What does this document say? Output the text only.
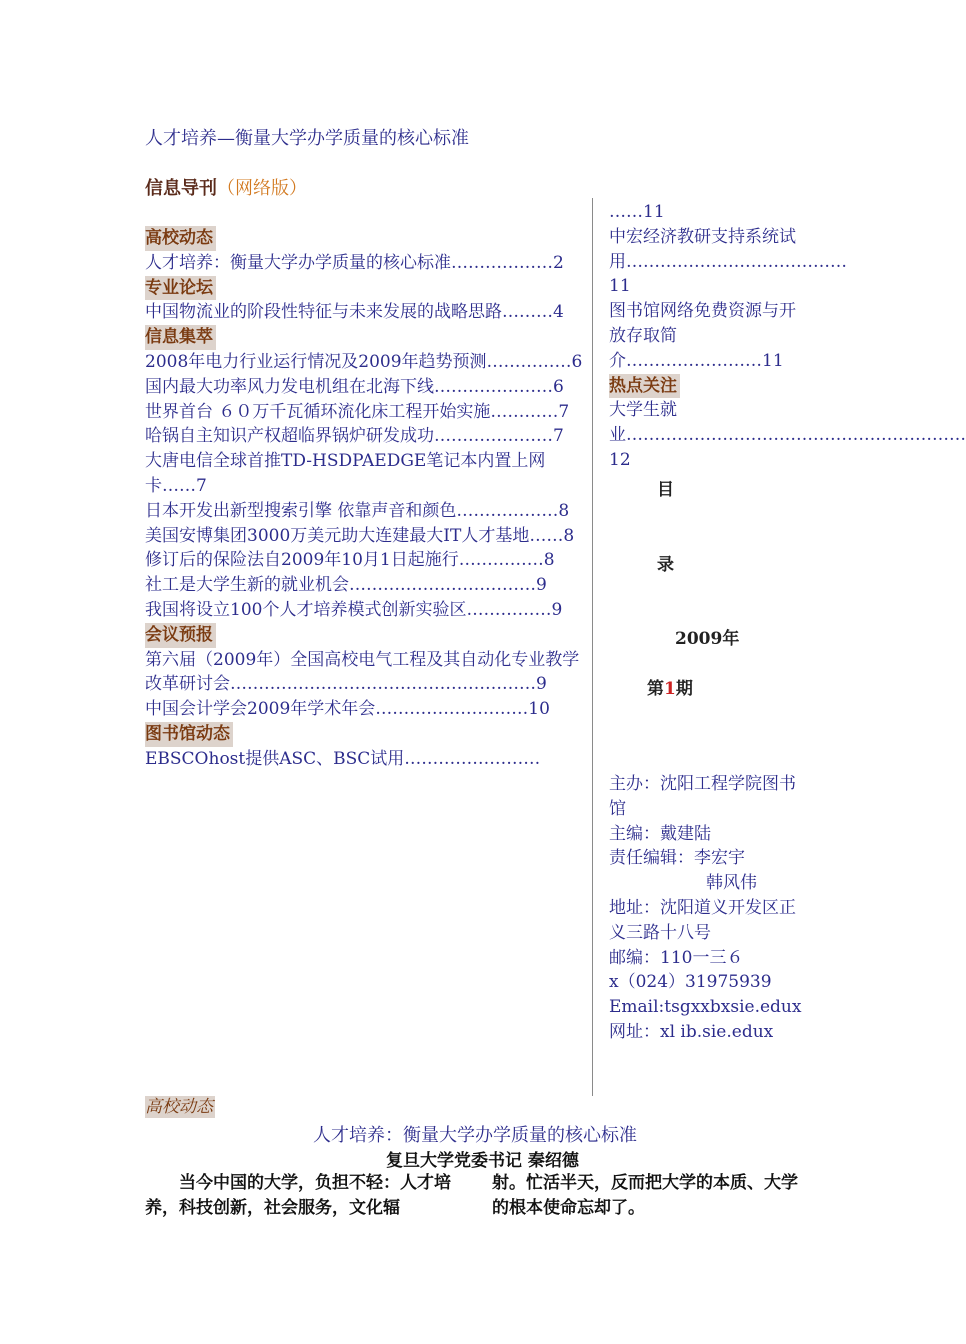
人才培养—衡量大学办学质量的核心标准
信息导刊（网络版）
高校动态
人才培养：衡量大学办学质量的核心标准………………2
专业论坛
中国物流业的阶段性特征与未来发展的战略思路………4
信息集萃
2008年电力行业运行情况及2009年趋势预测……………6
国内最大功率风力发电机组在北海下线…………………6
世界首台 ６０万千瓦循环流化床工程开始实施…………7
哈锅自主知识产权超临界锅炉研发成功…………………7
大唐电信全球首推TD-HSDPAEDGE笔记本内置上网卡……7
日本开发出新型搜索引擎 依靠声音和颜色………………8
美国安博集团3000万美元助大连建最大IT人才基地……8
修订后的保险法自2009年10月1日起施行……………8
社工是大学生新的就业机会……………………………9
我国将设立100个人才培养模式创新实验区……………9
会议预报
第六届（2009年）全国高校电气工程及其自动化专业教学改革研讨会………………………………………………9
中国会计学会2009年学术年会………………………10
图书馆动态
EBSCOhost提供ASC、BSC试用……………………
……11
中宏经济教研支持系统试用…………………………………11
图书馆网络免费资源与开放存取简介……………………11
热点关注
大学生就业……………………………………………………12
目
录
2009年
第1期
主办：沈阳工程学院图书馆
主编：戴建陆
责任编辑：李宏宇
韩风伟
地址：沈阳道义开发区正义三路十八号
邮编：110一三６
x（024）31975939
Email:tsgxxbxsie.edux
网址：xl ib.sie.edux
高校动态
人才培养：衡量大学办学质量的核心标准
复旦大学党委书记 秦绍德
　　当今中国的大学，负担不轻：人才培养，科技创新，社会服务，文化辐
射。忙活半天，反而把大学的本质、大学的根本使命忘却了。
